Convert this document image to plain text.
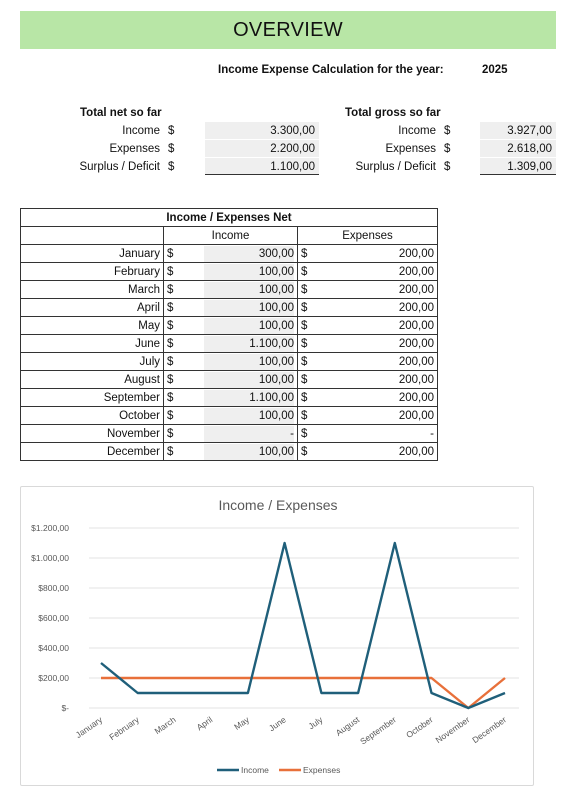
OVERVIEW
Income Expense Calculation for the year:	2025
Total net so far
Income $	3.300,00
Expenses $	2.200,00
Surplus / Deficit $	1.100,00
Total gross so far
Income $	3.927,00
Expenses $	2.618,00
Surplus / Deficit $	1.309,00
Income / Expenses Net		
	Income	Expenses
January	$ 300,00	$ 200,00

February	$ 100,00	$ 200,00

March	$ 100,00	$ 200,00

April	$ 100,00	$ 200,00

May	$ 100,00	$ 200,00

June	$ 1.100,00	$ 200,00

July	$ 100,00	$ 200,00

August	$ 100,00	$ 200,00

September	$ 1.100,00	$ 200,00

October	$ 100,00	$ 200,00

November	$ -	$ -

December	$ 100,00	$ 200,00
Income / Expenses
$-
$200,00
$400,00
$600,00
$800,00
$1.000,00
$1.200,00
January February March April May June July August
September October
November
December
Income	Expenses
